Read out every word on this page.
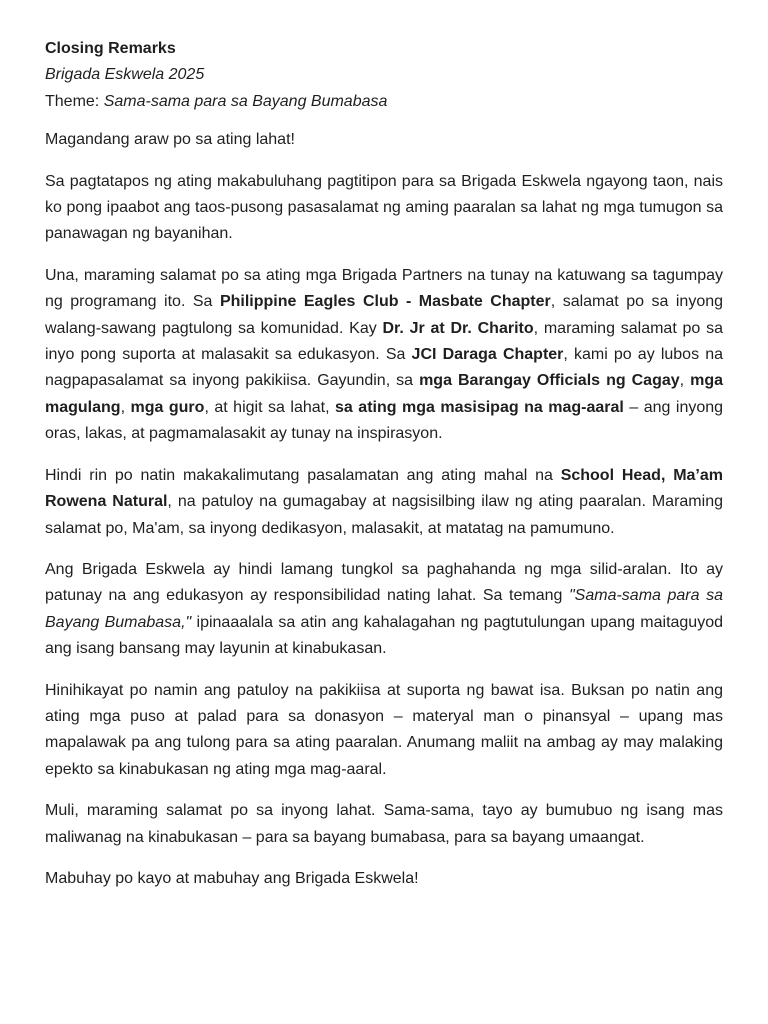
Closing Remarks
Brigada Eskwela 2025
Theme: Sama-sama para sa Bayang Bumabasa

Magandang araw po sa ating lahat!

Sa pagtatapos ng ating makabuluhang pagtitipon para sa Brigada Eskwela ngayong taon, nais ko pong ipaabot ang taos-pusong pasasalamat ng aming paaralan sa lahat ng mga tumugon sa panawagan ng bayanihan.

Una, maraming salamat po sa ating mga Brigada Partners na tunay na katuwang sa tagumpay ng programang ito. Sa Philippine Eagles Club - Masbate Chapter, salamat po sa inyong walang-sawang pagtulong sa komunidad. Kay Dr. Jr at Dr. Charito, maraming salamat po sa inyo pong suporta at malasakit sa edukasyon. Sa JCI Daraga Chapter, kami po ay lubos na nagpapasalamat sa inyong pakikiisa. Gayundin, sa mga Barangay Officials ng Cagay, mga magulang, mga guro, at higit sa lahat, sa ating mga masisipag na mag-aaral – ang inyong oras, lakas, at pagmamalasakit ay tunay na inspirasyon.

Hindi rin po natin makakalimutang pasalamatan ang ating mahal na School Head, Ma’am Rowena Natural, na patuloy na gumagabay at nagsisilbing ilaw ng ating paaralan. Maraming salamat po, Ma'am, sa inyong dedikasyon, malasakit, at matatag na pamumuno.

Ang Brigada Eskwela ay hindi lamang tungkol sa paghahanda ng mga silid-aralan. Ito ay patunay na ang edukasyon ay responsibilidad nating lahat. Sa temang "Sama-sama para sa Bayang Bumabasa," ipinaaalala sa atin ang kahalagahan ng pagtutulungan upang maitaguyod ang isang bansang may layunin at kinabukasan.

Hinihikayat po namin ang patuloy na pakikiisa at suporta ng bawat isa. Buksan po natin ang ating mga puso at palad para sa donasyon – materyal man o pinansyal – upang mas mapalawak pa ang tulong para sa ating paaralan. Anumang maliit na ambag ay may malaking epekto sa kinabukasan ng ating mga mag-aaral.

Muli, maraming salamat po sa inyong lahat. Sama-sama, tayo ay bumubuo ng isang mas maliwanag na kinabukasan – para sa bayang bumabasa, para sa bayang umaangat.

Mabuhay po kayo at mabuhay ang Brigada Eskwela!
